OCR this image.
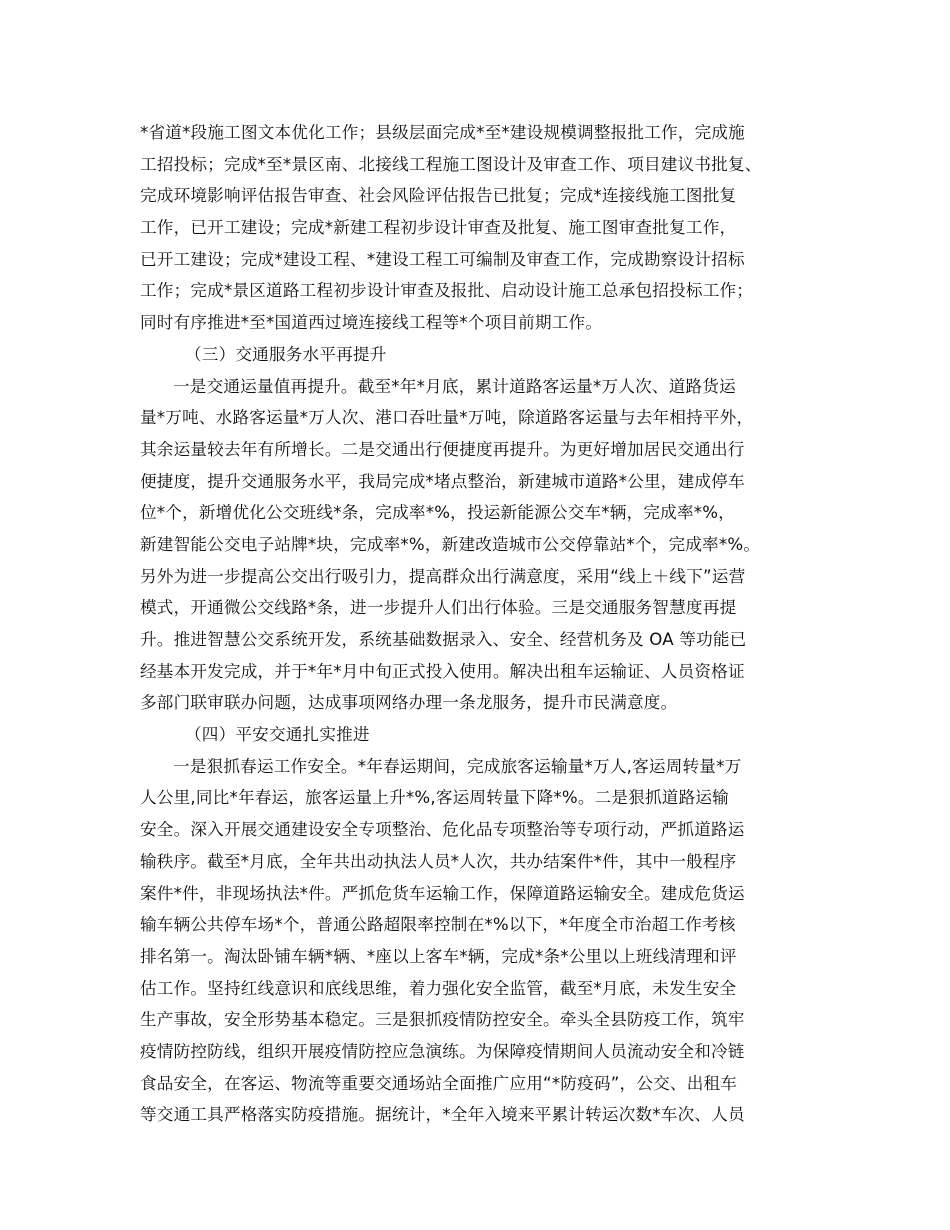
*省道*段施工图文本优化工作；县级层面完成*至*建设规模调整报批工作，完成施
工招投标；完成*至*景区南、北接线工程施工图设计及审查工作、项目建议书批复、
完成环境影响评估报告审查、社会风险评估报告已批复；完成*连接线施工图批复
工作，已开工建设；完成*新建工程初步设计审查及批复、施工图审查批复工作，
已开工建设；完成*建设工程、*建设工程工可编制及审查工作，完成勘察设计招标
工作；完成*景区道路工程初步设计审查及报批、启动设计施工总承包招投标工作；
同时有序推进*至*国道西过境连接线工程等*个项目前期工作。
（三）交通服务水平再提升
一是交通运量值再提升。截至*年*月底，累计道路客运量*万人次、道路货运
量*万吨、水路客运量*万人次、港口吞吐量*万吨，除道路客运量与去年相持平外，
其余运量较去年有所增长。二是交通出行便捷度再提升。为更好增加居民交通出行
便捷度，提升交通服务水平，我局完成*堵点整治，新建城市道路*公里，建成停车
位*个，新增优化公交班线*条，完成率*%，投运新能源公交车*辆，完成率*%，
新建智能公交电子站牌*块，完成率*%，新建改造城市公交停靠站*个，完成率*%。
另外为进一步提高公交出行吸引力，提高群众出行满意度，采用“线上＋线下”运营
模式，开通微公交线路*条，进一步提升人们出行体验。三是交通服务智慧度再提
升。推进智慧公交系统开发，系统基础数据录入、安全、经营机务及 OA 等功能已
经基本开发完成，并于*年*月中旬正式投入使用。解决出租车运输证、人员资格证
多部门联审联办问题，达成事项网络办理一条龙服务，提升市民满意度。
（四）平安交通扎实推进
一是狠抓春运工作安全。*年春运期间，完成旅客运输量*万人,客运周转量*万
人公里,同比*年春运，旅客运量上升*%,客运周转量下降*%。二是狠抓道路运输
安全。深入开展交通建设安全专项整治、危化品专项整治等专项行动，严抓道路运
输秩序。截至*月底，全年共出动执法人员*人次，共办结案件*件，其中一般程序
案件*件，非现场执法*件。严抓危货车运输工作，保障道路运输安全。建成危货运
输车辆公共停车场*个，普通公路超限率控制在*%以下，*年度全市治超工作考核
排名第一。淘汰卧铺车辆*辆、*座以上客车*辆，完成*条*公里以上班线清理和评
估工作。坚持红线意识和底线思维，着力强化安全监管，截至*月底，未发生安全
生产事故，安全形势基本稳定。三是狠抓疫情防控安全。牵头全县防疫工作，筑牢
疫情防控防线，组织开展疫情防控应急演练。为保障疫情期间人员流动安全和冷链
食品安全，在客运、物流等重要交通场站全面推广应用“*防疫码”，公交、出租车
等交通工具严格落实防疫措施。据统计，*全年入境来平累计转运次数*车次、人员
